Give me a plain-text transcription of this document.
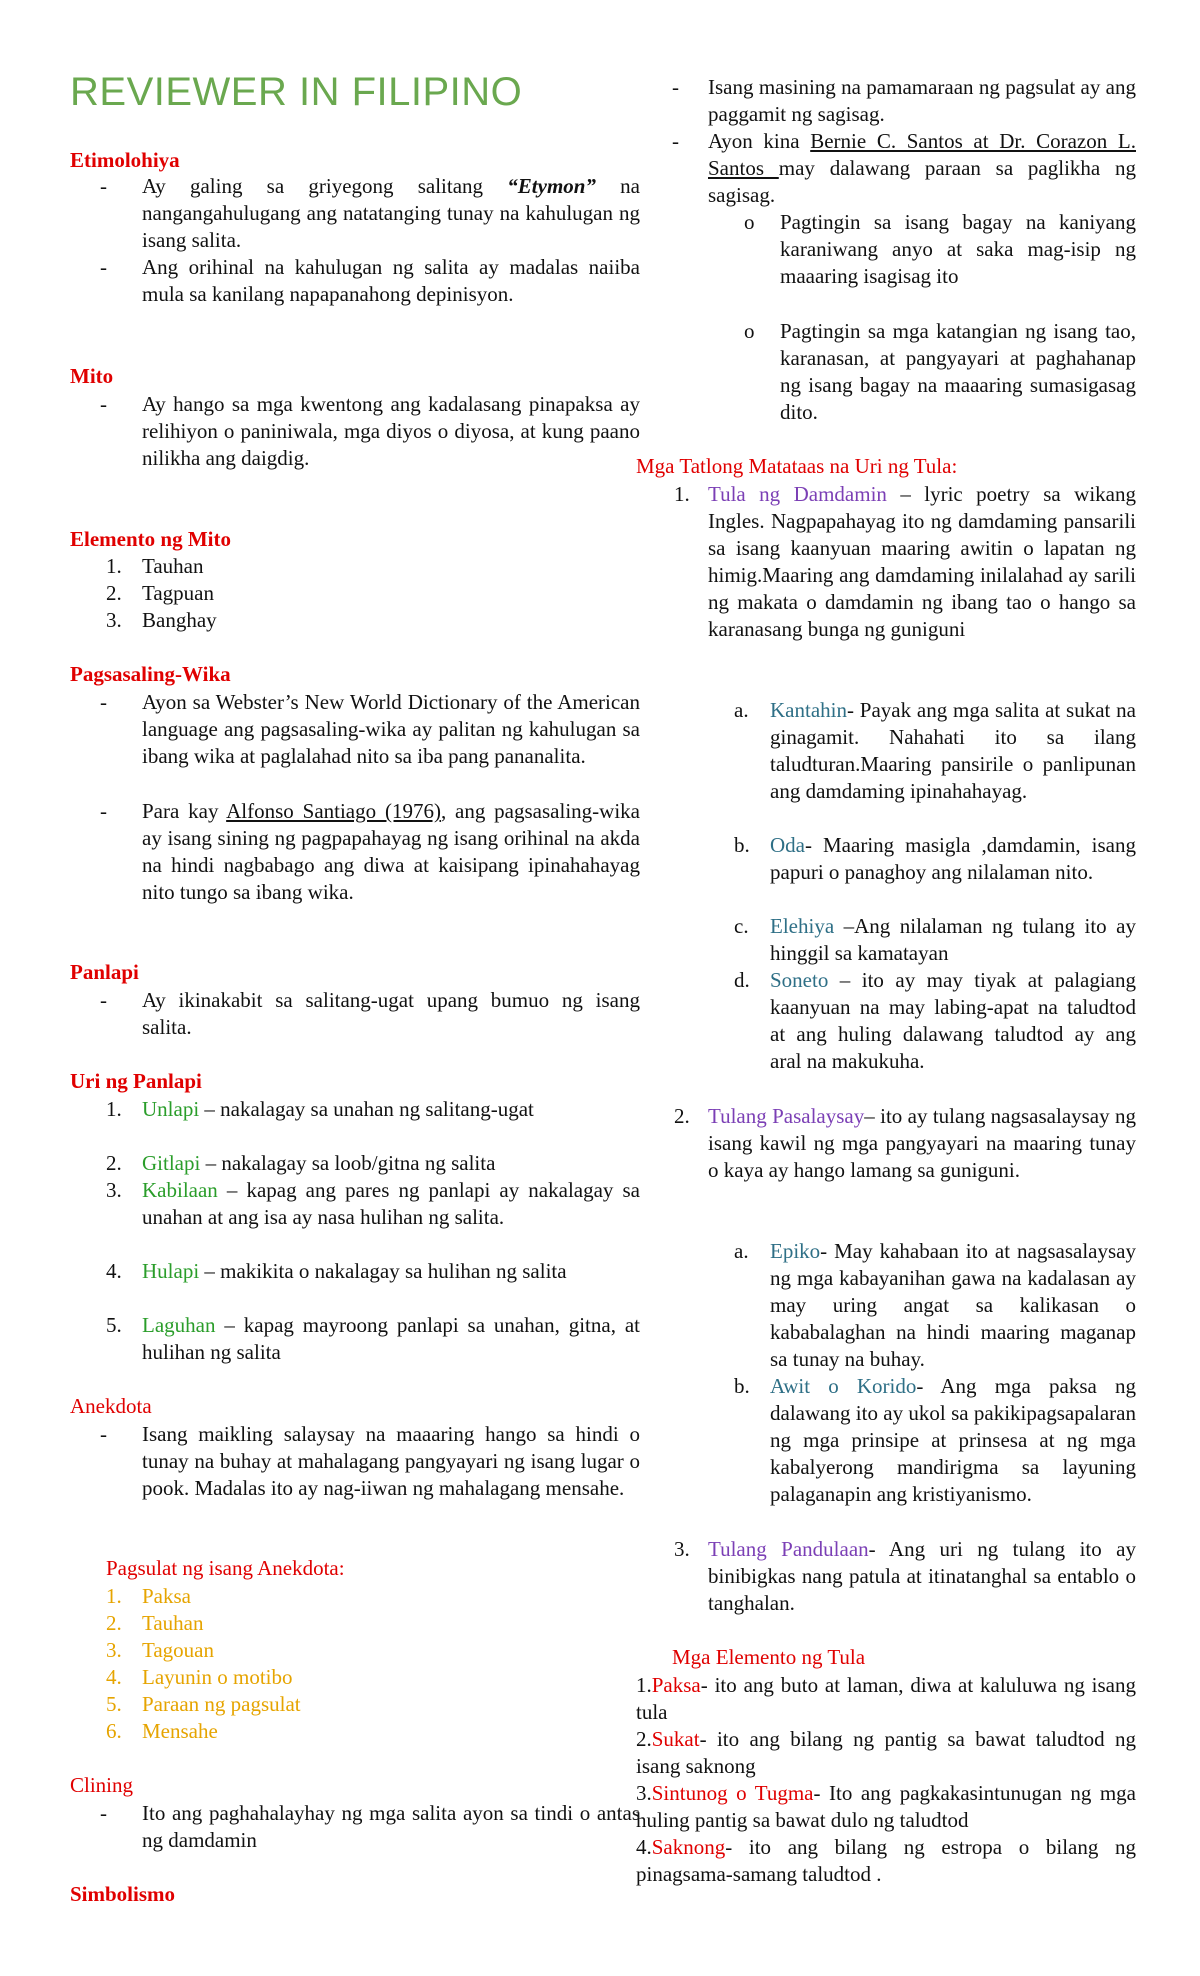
REVIEWER IN FILIPINO
Etimolohiya
- Ay galing sa griyegong salitang “Etymon” na nangangahulugang ang natatanging tunay na kahulugan ng isang salita.
- Ang orihinal na kahulugan ng salita ay madalas naiiba mula sa kanilang napapanahong depinisyon.
Mito
- Ay hango sa mga kwentong ang kadalasang pinapaksa ay relihiyon o paniniwala, mga diyos o diyosa, at kung paano nilikha ang daigdig.
Elemento ng Mito
1. Tauhan
2. Tagpuan
3. Banghay
Pagsasaling-Wika
- Ayon sa Webster’s New World Dictionary of the American language ang pagsasaling-wika ay palitan ng kahulugan sa ibang wika at paglalahad nito sa iba pang pananalita.
- Para kay Alfonso Santiago (1976), ang pagsasaling-wika ay isang sining ng pagpapahayag ng isang orihinal na akda na hindi nagbabago ang diwa at kaisipang ipinahahayag nito tungo sa ibang wika.
Panlapi
- Ay ikinakabit sa salitang-ugat upang bumuo ng isang salita.
Uri ng Panlapi
1. Unlapi – nakalagay sa unahan ng salitang-ugat
2. Gitlapi – nakalagay sa loob/gitna ng salita
3. Kabilaan – kapag ang pares ng panlapi ay nakalagay sa unahan at ang isa ay nasa hulihan ng salita.
4. Hulapi – makikita o nakalagay sa hulihan ng salita
5. Laguhan – kapag mayroong panlapi sa unahan, gitna, at hulihan ng salita
Anekdota
- Isang maikling salaysay na maaaring hango sa hindi o tunay na buhay at mahalagang pangyayari ng isang lugar o pook. Madalas ito ay nag-iiwan ng mahalagang mensahe.
Pagsulat ng isang Anekdota:
1. Paksa
2. Tauhan
3. Tagouan
4. Layunin o motibo
5. Paraan ng pagsulat
6. Mensahe
Clining
- Ito ang paghahalayhay ng mga salita ayon sa tindi o antas ng damdamin
Simbolismo
- Isang masining na pamamaraan ng pagsulat ay ang paggamit ng sagisag.
- Ayon kina Bernie C. Santos at Dr. Corazon L. Santos may dalawang paraan sa paglikha ng sagisag.
o Pagtingin sa isang bagay na kaniyang karaniwang anyo at saka mag-isip ng maaaring isagisag ito
o Pagtingin sa mga katangian ng isang tao, karanasan, at pangyayari at paghahanap ng isang bagay na maaaring sumasigasag dito.
Mga Tatlong Matataas na Uri ng Tula:
1. Tula ng Damdamin – lyric poetry sa wikang Ingles. Nagpapahayag ito ng damdaming pansarili sa isang kaanyuan maaring awitin o lapatan ng himig.Maaring ang damdaming inilalahad ay sarili ng makata o damdamin ng ibang tao o hango sa karanasang bunga ng guniguni
a. Kantahin- Payak ang mga salita at sukat na ginagamit. Nahahati ito sa ilang taludturan.Maaring pansirile o panlipunan ang damdaming ipinahahayag.
b. Oda- Maaring masigla ,damdamin, isang papuri o panaghoy ang nilalaman nito.
c. Elehiya –Ang nilalaman ng tulang ito ay hinggil sa kamatayan
d. Soneto – ito ay may tiyak at palagiang kaanyuan na may labing-apat na taludtod at ang huling dalawang taludtod ay ang aral na makukuha.
2. Tulang Pasalaysay– ito ay tulang nagsasalaysay ng isang kawil ng mga pangyayari na maaring tunay o kaya ay hango lamang sa guniguni.
a. Epiko- May kahabaan ito at nagsasalaysay ng mga kabayanihan gawa na kadalasan ay may uring angat sa kalikasan o kababalaghan na hindi maaring maganap sa tunay na buhay.
b. Awit o Korido- Ang mga paksa ng dalawang ito ay ukol sa pakikipagsapalaran ng mga prinsipe at prinsesa at ng mga kabalyerong mandirigma sa layuning palaganapin ang kristiyanismo.
3. Tulang Pandulaan- Ang uri ng tulang ito ay binibigkas nang patula at itinatanghal sa entablo o tanghalan.
Mga Elemento ng Tula
1.Paksa- ito ang buto at laman, diwa at kaluluwa ng isang tula
2.Sukat- ito ang bilang ng pantig sa bawat taludtod ng isang saknong
3.Sintunog o Tugma- Ito ang pagkakasintunugan ng mga huling pantig sa bawat dulo ng taludtod
4.Saknong- ito ang bilang ng estropa o bilang ng pinagsama-samang taludtod .
